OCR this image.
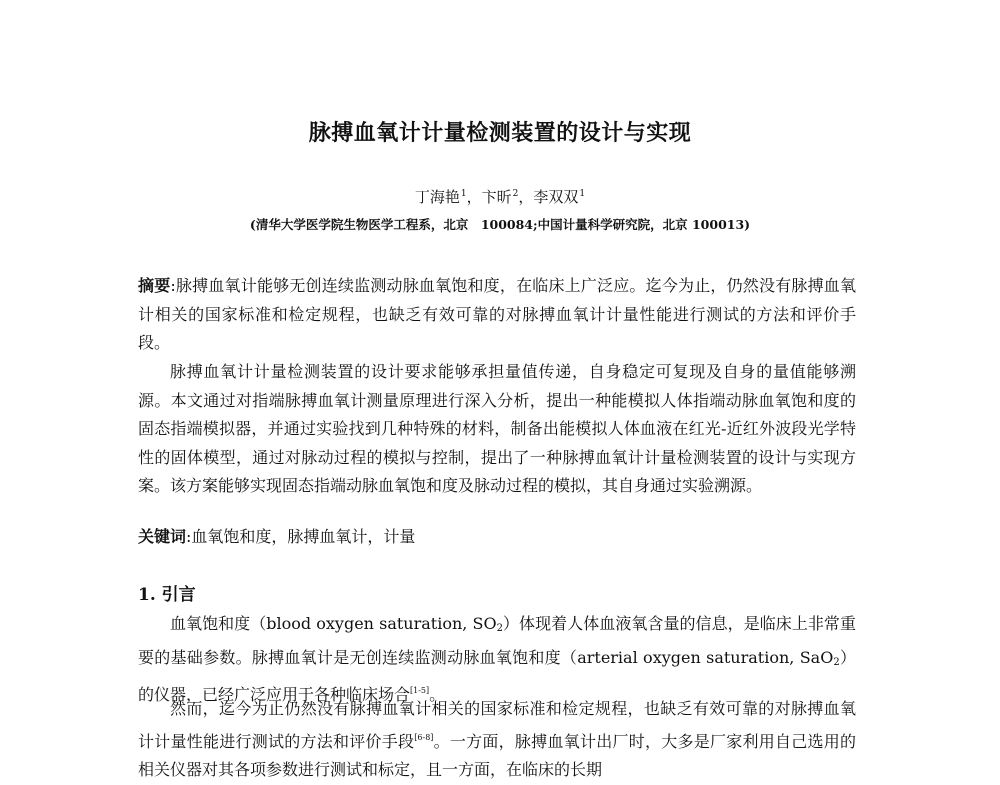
脉搏血氧计计量检测装置的设计与实现
丁海艳$^1$，卞昕$^2$，李双双$^1$
(清华大学医学院生物医学工程系，北京　100084;中国计量科学研究院，北京 100013)
摘要:脉搏血氧计能够无创连续监测动脉血氧饱和度，在临床上广泛应。迄今为止，仍然没有脉搏血氧计相关的国家标准和检定规程，也缺乏有效可靠的对脉搏血氧计计量性能进行测试的方法和评价手段。
脉搏血氧计计量检测装置的设计要求能够承担量值传递，自身稳定可复现及自身的量值能够溯源。本文通过对指端脉搏血氧计测量原理进行深入分析，提出一种能模拟人体指端动脉血氧饱和度的固态指端模拟器，并通过实验找到几种特殊的材料，制备出能模拟人体血液在红光-近红外波段光学特性的固体模型，通过对脉动过程的模拟与控制，提出了一种脉搏血氧计计量检测装置的设计与实现方案。该方案能够实现固态指端动脉血氧饱和度及脉动过程的模拟，其自身通过实验溯源。
关键词:血氧饱和度，脉搏血氧计，计量
1. 引言
血氧饱和度（blood oxygen saturation, $SO_2$）体现着人体血液氧含量的信息，是临床上非常重要的基础参数。脉搏血氧计是无创连续监测动脉血氧饱和度（arterial oxygen saturation, SaO$_2$）的仪器，已经广泛应用于各种临床场合[1-5]。
然而，迄今为止仍然没有脉搏血氧计相关的国家标准和检定规程，也缺乏有效可靠的对脉搏血氧计计量性能进行测试的方法和评价手段[6-8]。一方面，脉搏血氧计出厂时，大多是厂家利用自己选用的相关仪器对其各项参数进行测试和标定，且一方面，在临床的长期
